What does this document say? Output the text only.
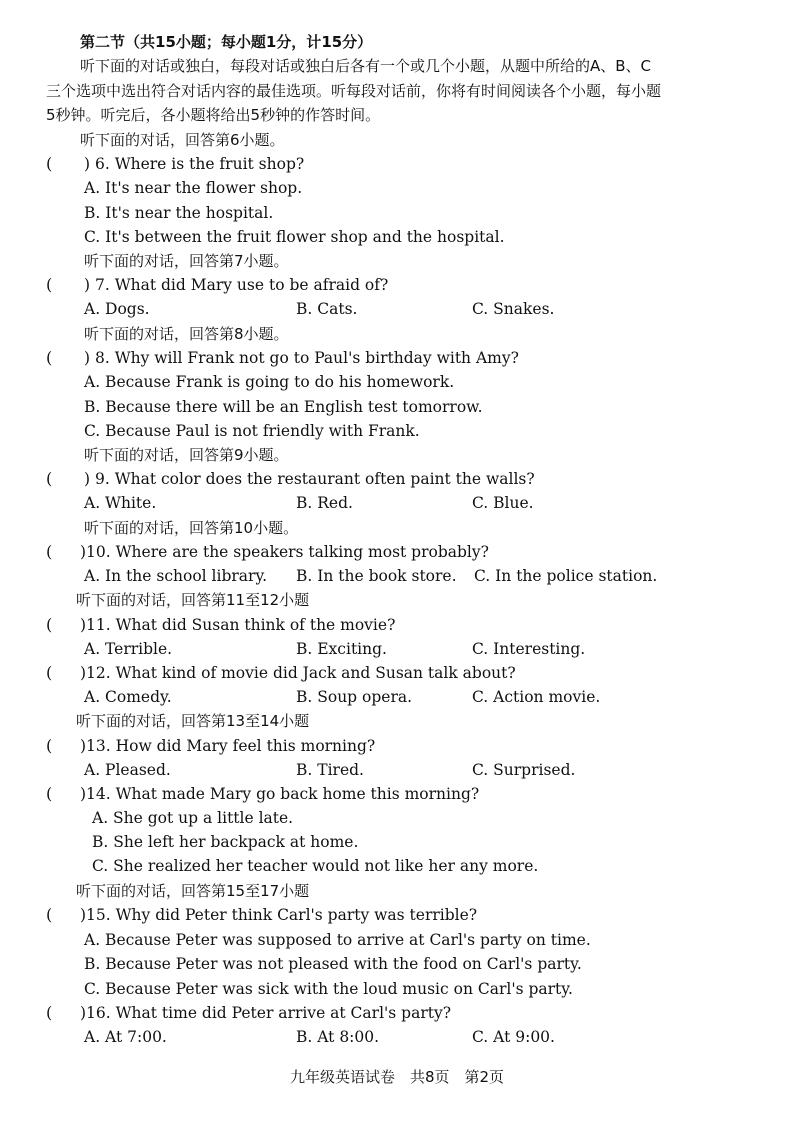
第二节（共15小题；每小题1分，计15分）
听下面的对话或独白，每段对话或独白后各有一个或几个小题，从题中所给的A、B、C
三个选项中选出符合对话内容的最佳选项。听每段对话前，你将有时间阅读各个小题，每小题
5秒钟。听完后，各小题将给出5秒钟的作答时间。
听下面的对话，回答第6小题。
( ) 6. Where is the fruit shop?
A. It's near the flower shop.
B. It's near the hospital.
C. It's between the fruit flower shop and the hospital.
听下面的对话，回答第7小题。
( ) 7. What did Mary use to be afraid of?
A. Dogs.	B. Cats.	C. Snakes.
听下面的对话，回答第8小题。
( ) 8. Why will Frank not go to Paul's birthday with Amy?
A. Because Frank is going to do his homework.
B. Because there will be an English test tomorrow.
C. Because Paul is not friendly with Frank.
听下面的对话，回答第9小题。
( ) 9. What color does the restaurant often paint the walls?
A. White.	B. Red.	C. Blue.
听下面的对话，回答第10小题。
( )10. Where are the speakers talking most probably?
A. In the school library. B. In the book store. C. In the police station.
听下面的对话，回答第11至12小题
( )11. What did Susan think of the movie?
A. Terrible.	B. Exciting.	C. Interesting.
( )12. What kind of movie did Jack and Susan talk about?
A. Comedy.	B. Soup opera.	C. Action movie.
听下面的对话，回答第13至14小题
( )13. How did Mary feel this morning?
A. Pleased.	B. Tired.	C. Surprised.
( )14. What made Mary go back home this morning?
A. She got up a little late.
B. She left her backpack at home.
C. She realized her teacher would not like her any more.
听下面的对话，回答第15至17小题
( )15. Why did Peter think Carl's party was terrible?
A. Because Peter was supposed to arrive at Carl's party on time.
B. Because Peter was not pleased with the food on Carl's party.
C. Because Peter was sick with the loud music on Carl's party.
( )16. What time did Peter arrive at Carl's party?
A. At 7:00.	B. At 8:00.	C. At 9:00.
九年级英语试卷　共8页　第2页
